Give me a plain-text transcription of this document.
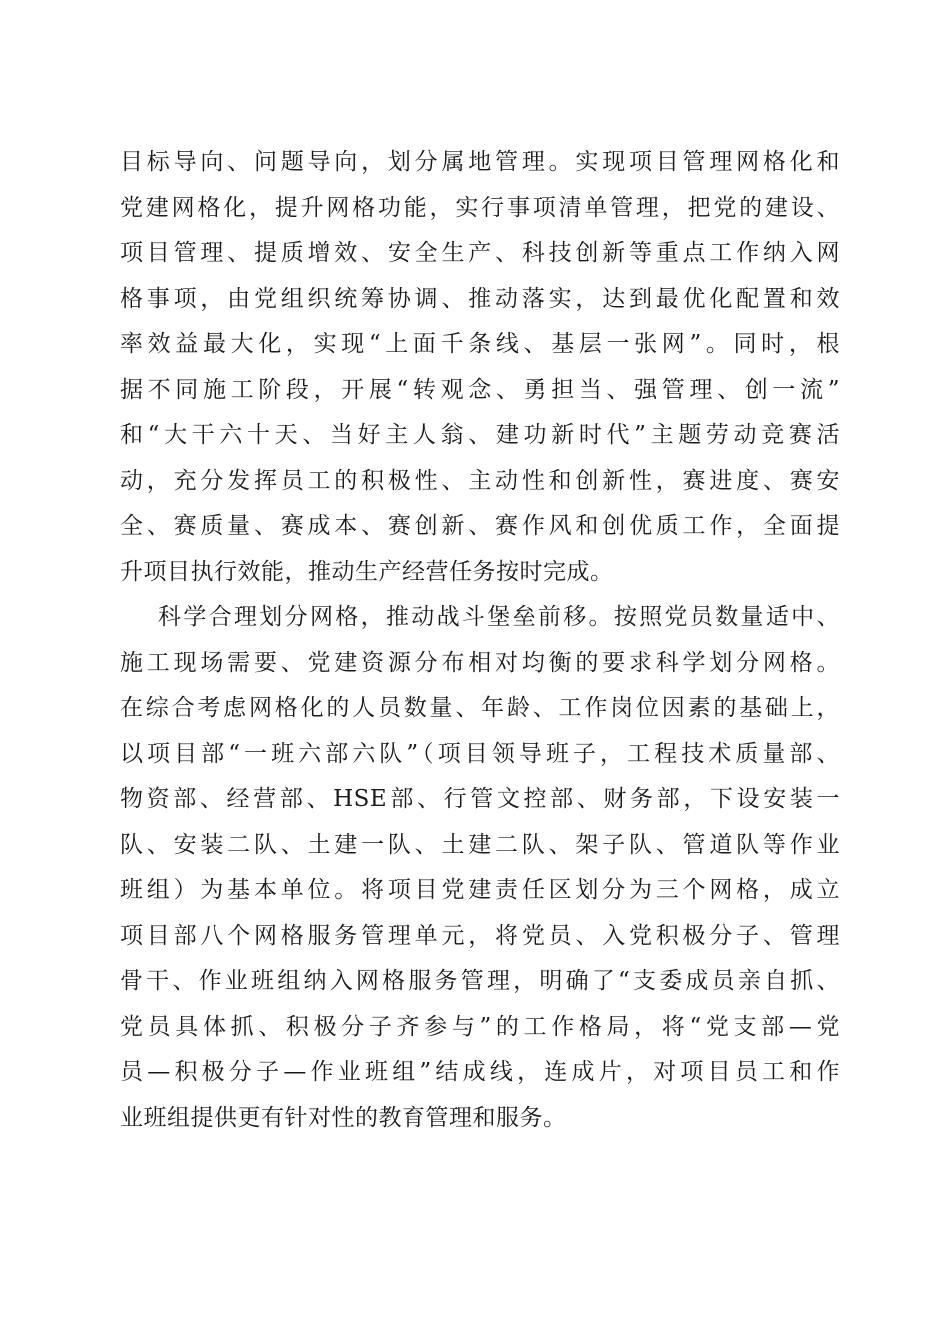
目标导向、问题导向，划分属地管理。实现项目管理网格化和
党建网格化，提升网格功能，实行事项清单管理，把党的建设、
项目管理、提质增效、安全生产、科技创新等重点工作纳入网
格事项，由党组织统筹协调、推动落实，达到最优化配置和效
率效益最大化，实现“上面千条线、基层一张网”。同时，根
据不同施工阶段，开展“转观念、勇担当、强管理、创一流”
和“大干六十天、当好主人翁、建功新时代”主题劳动竞赛活
动，充分发挥员工的积极性、主动性和创新性，赛进度、赛安
全、赛质量、赛成本、赛创新、赛作风和创优质工作，全面提
升项目执行效能，推动生产经营任务按时完成。
科学合理划分网格，推动战斗堡垒前移。按照党员数量适中、
施工现场需要、党建资源分布相对均衡的要求科学划分网格。
在综合考虑网格化的人员数量、年龄、工作岗位因素的基础上，
以项目部“一班六部六队”（项目领导班子，工程技术质量部、
物资部、经营部、HSE部、行管文控部、财务部，下设安装一
队、安装二队、土建一队、土建二队、架子队、管道队等作业
班组）为基本单位。将项目党建责任区划分为三个网格，成立
项目部八个网格服务管理单元，将党员、入党积极分子、管理
骨干、作业班组纳入网格服务管理，明确了“支委成员亲自抓、
党员具体抓、积极分子齐参与”的工作格局，将“党支部—党
员—积极分子—作业班组”结成线，连成片，对项目员工和作
业班组提供更有针对性的教育管理和服务。
